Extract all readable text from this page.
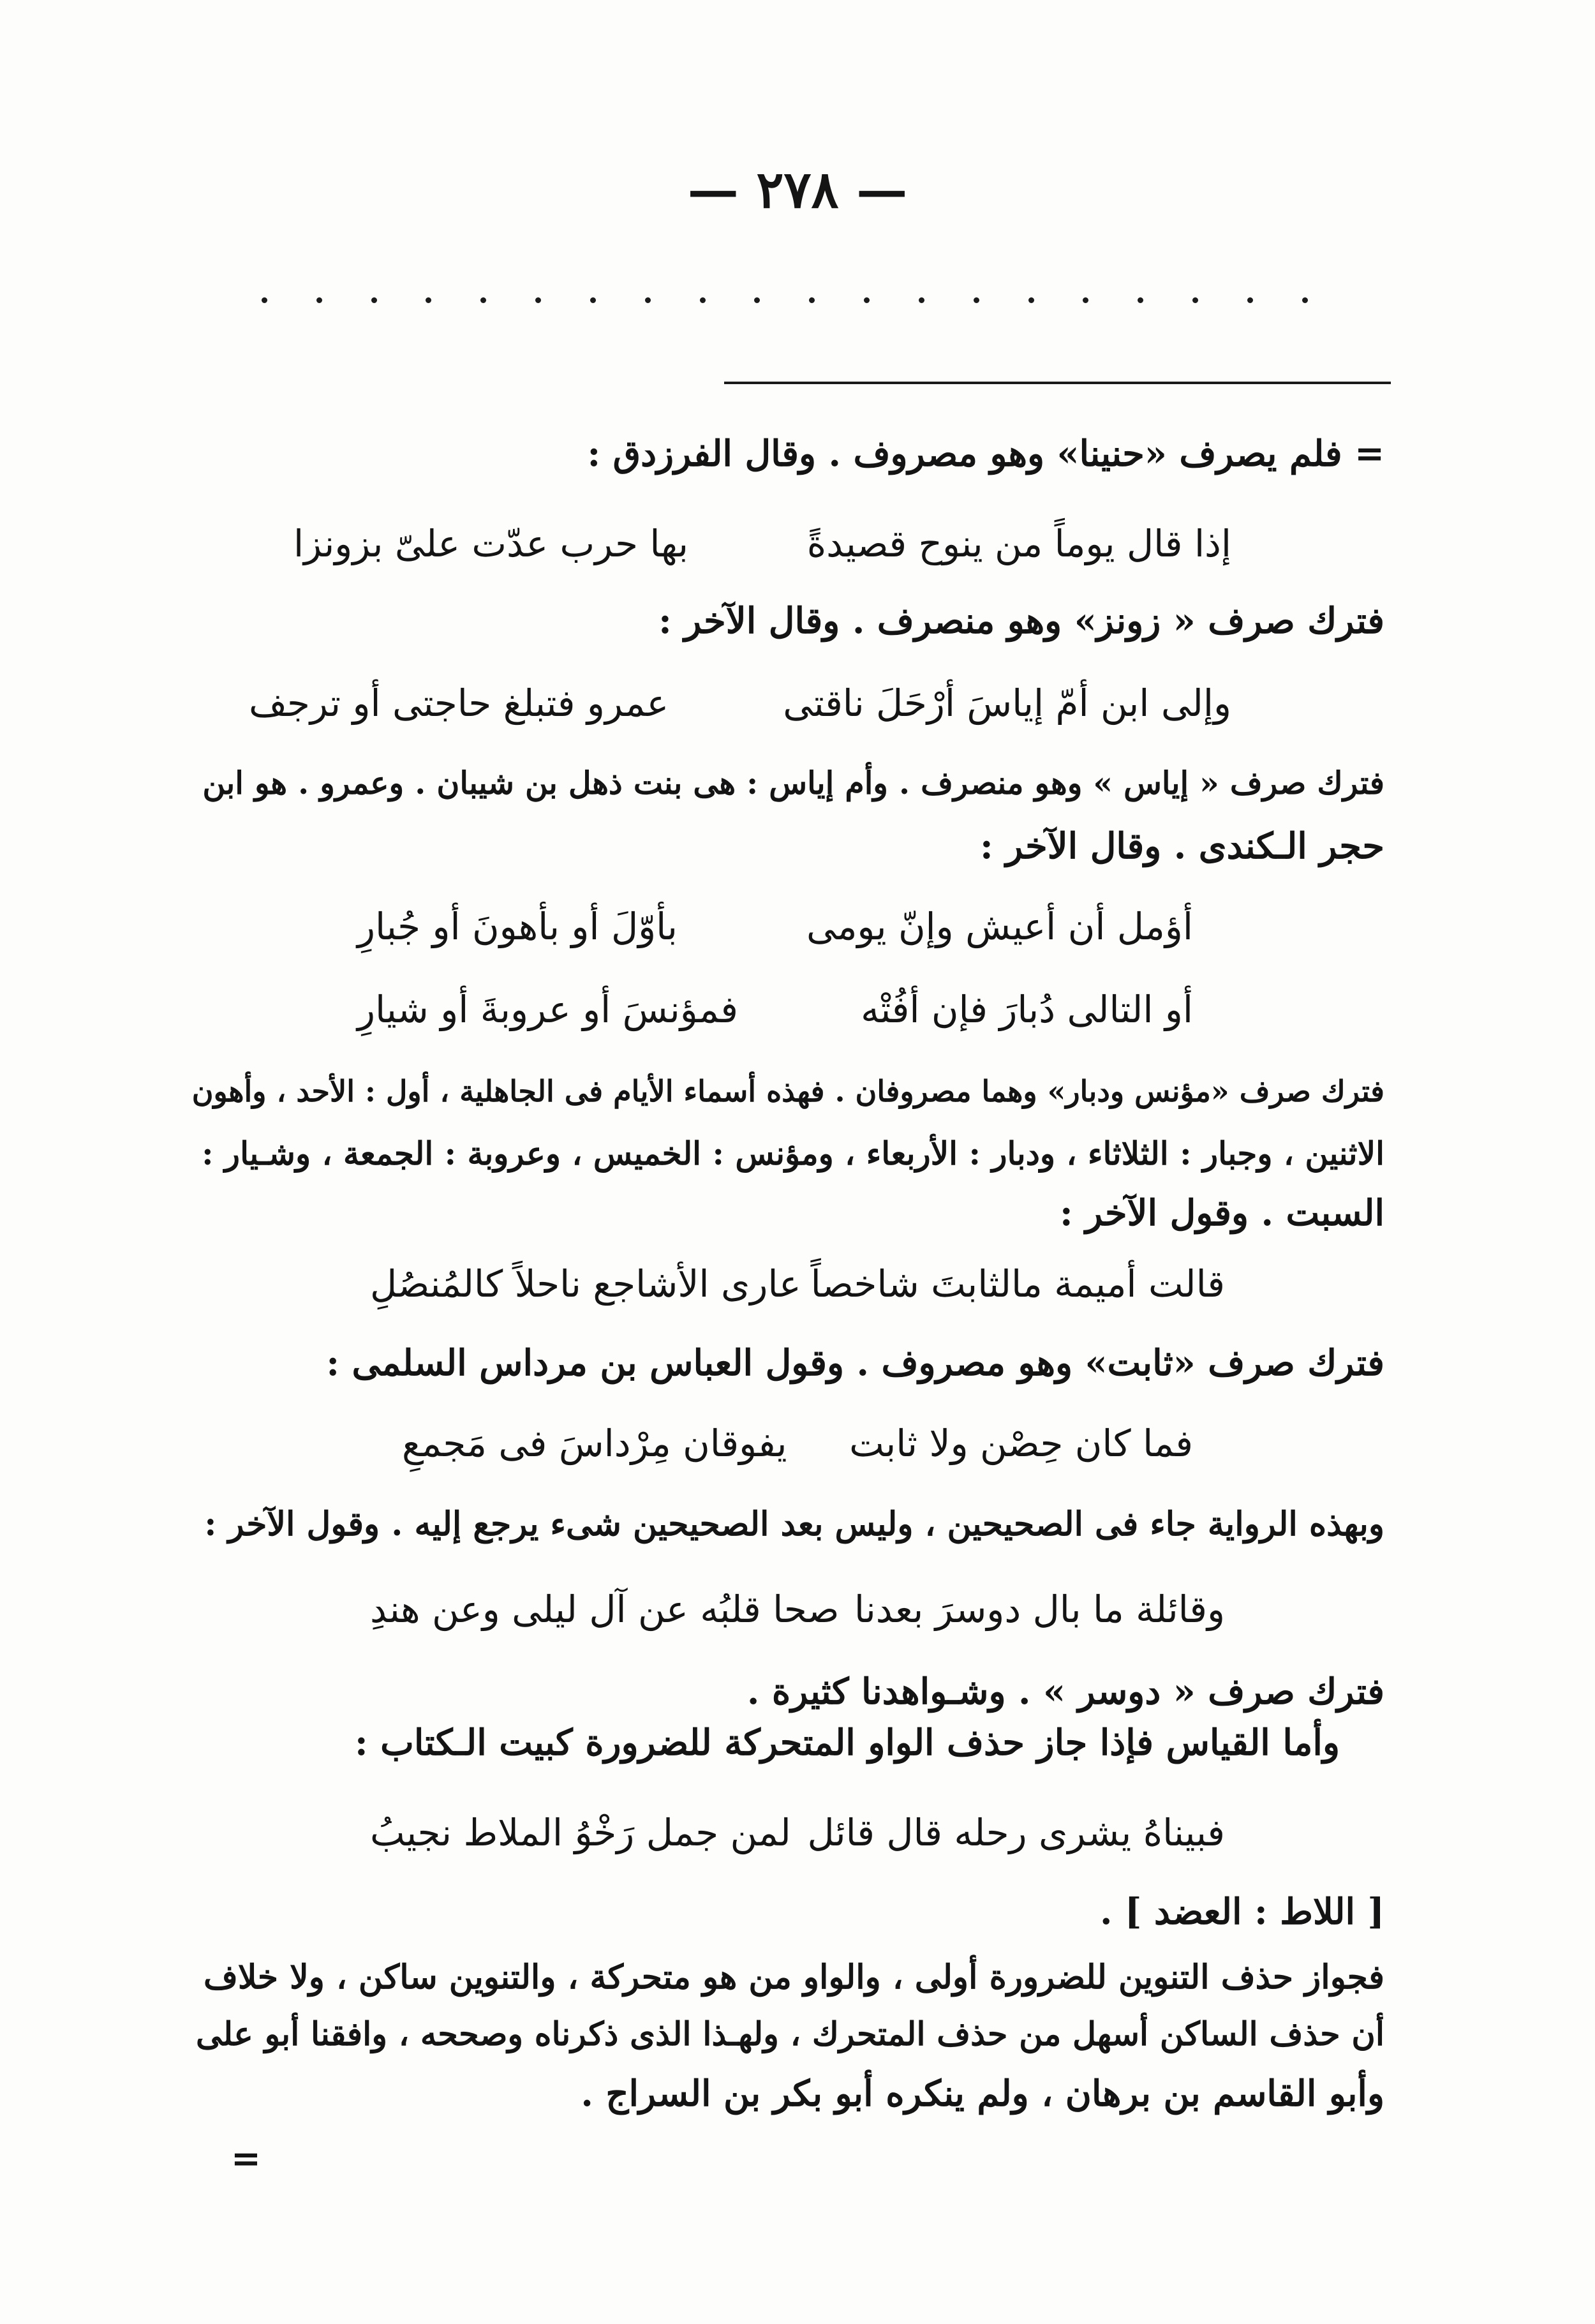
— ٢٧٨ —
= فلم يصرف «حنينا» وهو مصروف . وقال الفرزدق :
إذا قال يوماً من ينوح قصيدةً
بها حرب عدّت علىّ بزونزا
فترك صرف « زونز» وهو منصرف . وقال الآخر :
وإلى ابن أمّ إياسَ أرْحَلَ ناقتى
عمرو فتبلغ حاجتى أو ترجف
فترك صرف « إياس » وهو منصرف . وأم إياس : هى بنت ذهل بن شيبان . وعمرو . هو ابن
حجر الـكندى . وقال الآخر :
أؤمل أن أعيش وإنّ يومى
بأوّلَ أو بأهونَ أو جُبارِ
أو التالى دُبارَ فإن أفُتْه
فمؤنسَ أو عروبةَ أو شيارِ
فترك صرف «مؤنس ودبار» وهما مصروفان . فهذه أسماء الأيام فى الجاهلية ، أول : الأحد ، وأهون
الاثنين ، وجبار : الثلاثاء ، ودبار : الأربعاء ، ومؤنس : الخميس ، وعروبة : الجمعة ، وشـيار :
السبت . وقول الآخر :
قالت أميمة مالثابتَ شاخصاً
عارى الأشاجع ناحلاً كالمُنصُلِ
فترك صرف «ثابت» وهو مصروف . وقول العباس بن مرداس السلمى :
فما كان حِصْن ولا ثابت
يفوقان مِرْداسَ فى مَجمعِ
وبهذه الرواية جاء فى الصحيحين ، وليس بعد الصحيحين شىء يرجع إليه . وقول الآخر :
وقائلة ما بال دوسرَ بعدنا
صحا قلبُه عن آل ليلى وعن هندِ
فترك صرف « دوسر » . وشـواهدنا كثيرة .
وأما القياس فإذا جاز حذف الواو المتحركة للضرورة كبيت الـكتاب :
فبيناهُ يشرى رحله قال قائل
لمن جمل رَخْوُ الملاط نجيبُ
[ اللاط : العضد ] .
فجواز حذف التنوين للضرورة أولى ، والواو من هو متحركة ، والتنوين ساكن ، ولا خلاف
أن حذف الساكن أسهل من حذف المتحرك ، ولهـذا الذى ذكرناه وصححه ، وافقنا أبو على
وأبو القاسم بن برهان ، ولم ينكره أبو بكر بن السراج .
=
